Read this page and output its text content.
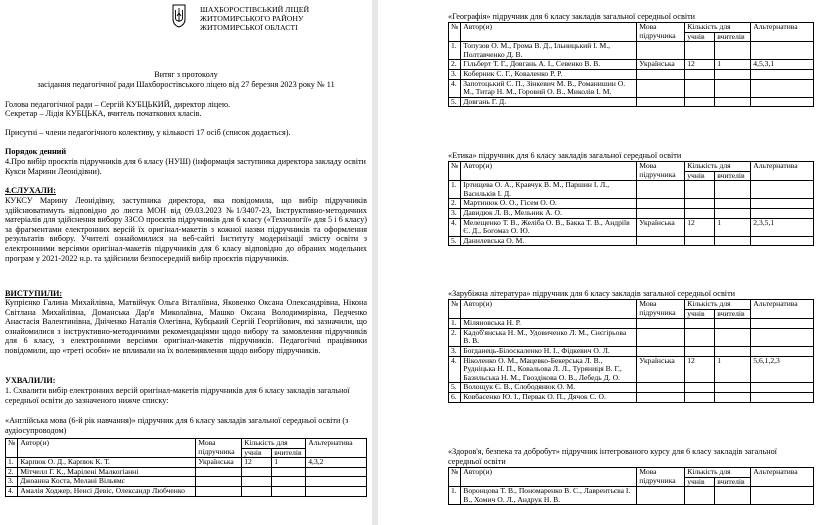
ШАХБОРОСТІВСЬКИЙ ЛІЦЕЙ
ЖИТОМИРСЬКОГО РАЙОНУ
ЖИТОМИРСЬКОЇ ОБЛАСТІ
Витяг з протоколу
засідання педагогічної ради Шахборостівського ліцею від 27 березня 2023 року № 11
Голова педагогічної ради – Сергій КУБЦЬКИЙ, директор ліцею.
Секретар – Лідія КУБЦЬКА, вчитель початкових класів.
Присутні – члени педагогічного колективу, у кількості 17 осіб (список додається).
Порядок денний
4.Про вибір проєктів підручників для 6 класу (НУШ) (інформація заступника директора закладу освіти Кукси Марини Леонідівни).
4.СЛУХАЛИ:
КУКСУ Марину Леонідівну, заступника директора, яка повідомила, що вибір підручників здійснюватимуть відповідно до листа МОН від 09.03.2023 №1/3407-23, Інструктивно-методичних матеріалів для здійснення вибору ЗЗСО проєктів підручників для 6 класу («Технології» для 5 і 6 класу) за фрагментами електронних версій їх оригінал-макетів з кожної назви підручників та оформлення результатів вибору. Учителі ознайомилися на веб-сайті Інституту модернізації змісту освіти з електронними версіями оригінал-макетів підручників для 6 класу відповідно до обраних модельних програм у 2021-2022 н.р. та здійснили безпосередній вибір проєктів підручників.
ВИСТУПИЛИ:
Купрієнко Галина Михайлівна, Матвійчук Ольга Віталіївна, Яковенко Оксана Олександрівна, Нікона Світлана Михайлівна, Доманська Дар'я Миколаївна, Машко Оксана Володимирівна, Педченко Анастасія Валентинівна, Дніченко Наталія Олегівна, Кубцький Сергій Георгійович, які зазначили, що ознайомилися з інструктивно-методичними рекомендаціями щодо вибору та замовлення підручників для 6 класу, з електронними версіями оригінал-макетів підручників. Педагогічні працівники повідомили, що «треті особи» не впливали на їх волевиявлення щодо вибору підручників.
УХВАЛИЛИ:
1. Схвалити вибір електронних версій оригінал-макетів підручників для 6 класу закладів загальної середньої освіти до зазначеного нижче списку:
«Англійська мова (6-й рік навчання)» підручник для 6 класу закладів загальної середньої освіти (з аудіосупроводом)
№	Автор(и)	Мова підручника	Кількість для		Альтернатива
			учнів	вчителів	
1.	Карпюк О. Д., Карпюк К. Т.	Українська	12	1	4,3,2
2.	Мітчелл Г. К., Марілені Малкогіанні				
3.	Джоанна Коста, Мелані Вільямс				
4.	Амалія Ходжер, Ненсі Девіс, Олександр Любченко				
«Географія» підручник для 6 класу закладів загальної середньої освіти
№	Автор(и)	Мова підручника	Кількість для		Альтернатива
			учнів	вчителів	
1.	Топузов О. М., Грома В. Д., Ільницький І. М., Полтавченко Д. В.				
2.	Гільберт Т. Г., Довгань А. І., Севенко В. В.	Українська	12	1	4,5,3,1
3.	Коберник С. Г., Коваленко Р. Р.				
4.	Запотоцький С. П., Зінкевич М. В., Романишин О. М., Титар Н. М., Горовий О. В., Миколів І. М.				
5.	Довгань Г. Д.				
«Етика» підручник для 6 класу закладів загальної середньої освіти
№	Автор(и)	Мова підручника	Кількість для		Альтернатива
			учнів	вчителів	
1.	Іртищева О. А., Кравчук В. М., Паршин І. Л., Васильків І. Д.				
2.	Мартинюк О. О., Гісем О. О.				
3.	Давидюк Л. В., Мельник А. О.				
4.	Мелещенко Т. В., Желіба О. В., Бакка Т. В., Андріїв Є. Д., Богомаз О. Ю.	Українська	12	1	2,3,5,1
5.	Данилевська О. М.				
«Зарубіжна література» підручник для 6 класу закладів загальної середньої освіти
№	Автор(и)	Мова підручника	Кількість для		Альтернатива
			учнів	вчителів	
1.	Міляновська Н. Р.				
2.	Кадоб'янська Н. М., Удовиченко Л. М., Снєгірьова В. В.				
3.	Богданець-Білоскаленко Н. І., Фідкевич О. Л.				
4.	Ніколенко О. М., Мацевко-Бекерська Л. В., Рудніцька Н. П., Ковальова Л. Л., Туряниця В. Г., Базильська Н. М., Гвоздікова О. В., Лебедь Д. О.	Українська	12	1	5,6,1,2,3
5.	Волощук Є. В., Слободянюк О. М.				
6.	Ковбасенко Ю. І., Первак О. П., Дячок С. О.				
«Здоров'я, безпека та добробут» підручник інтегрованого курсу для 6 класу закладів загальної середньої освіти
№	Автор(и)	Мова підручника	Кількість для		Альтернатива
			учнів	вчителів	
1.	Воронцова Т. В., Пономаренко В. С., Лаврентьєва І. В., Хомич О. Л., Андрук Н. В.				
